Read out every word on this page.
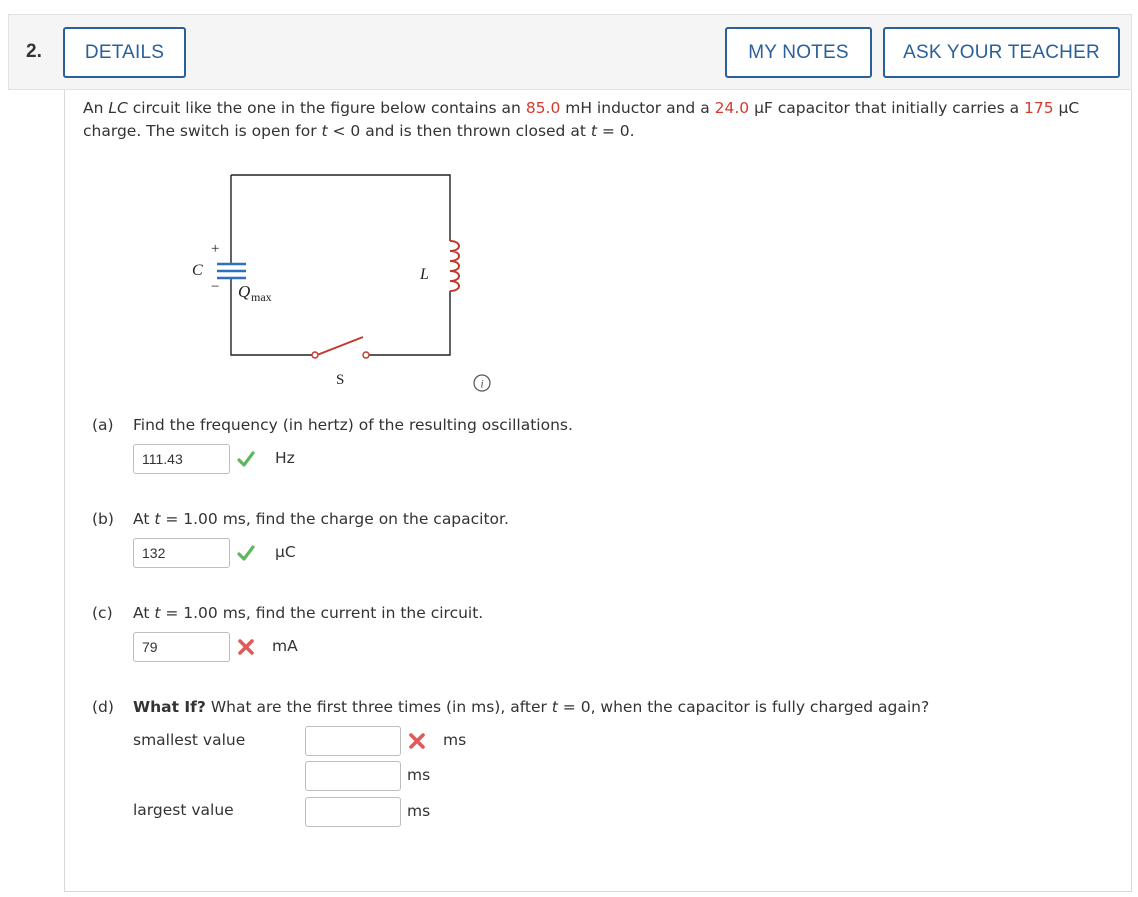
2.	DETAILS	MY NOTES	ASK YOUR TEACHER
An LC circuit like the one in the figure below contains an 85.0 mH inductor and a 24.0 µF capacitor that initially carries a 175 µC charge. The switch is open for t < 0 and is then thrown closed at t = 0.
+
−
C
Q max
L
S	i
(a) Find the frequency (in hertz) of the resulting oscillations.
111.43	Hz
(b) At t = 1.00 ms, find the charge on the capacitor.
132	µC
(c) At t = 1.00 ms, find the current in the circuit.
79	mA
(d) What If? What are the first three times (in ms), after t = 0, when the capacitor is fully charged again?
smallest value	ms
ms
largest value	ms
